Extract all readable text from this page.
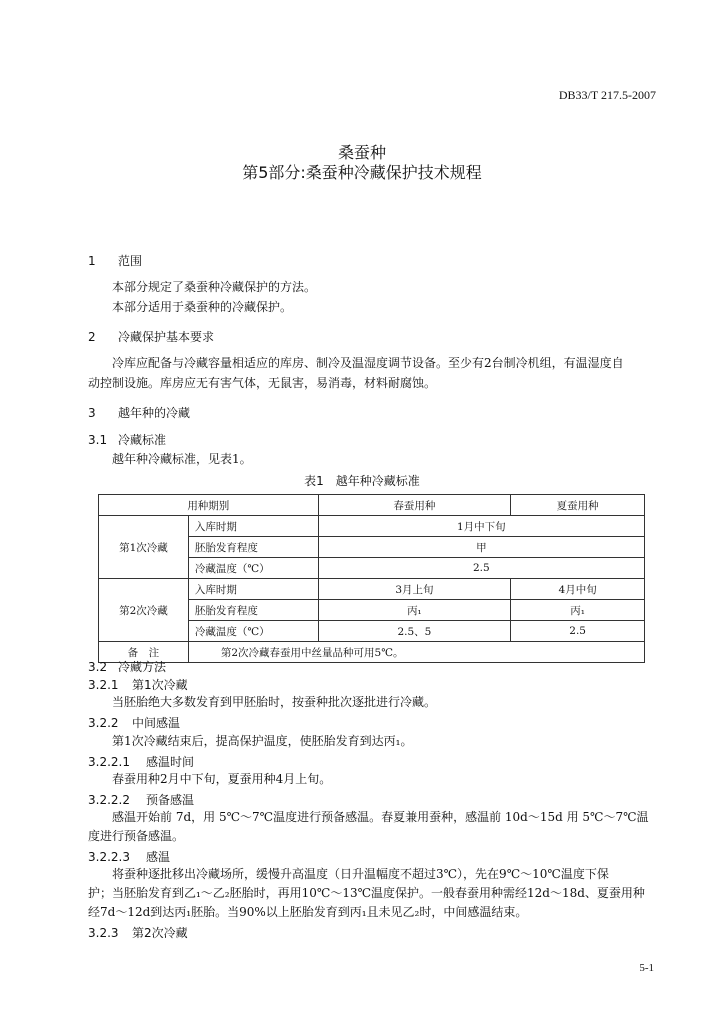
DB33/T 217.5-2007
桑蚕种
第5部分:桑蚕种冷藏保护技术规程
1 范围
本部分规定了桑蚕种冷藏保护的方法。
本部分适用于桑蚕种的冷藏保护。
2 冷藏保护基本要求
冷库应配备与冷藏容量相适应的库房、制冷及温湿度调节设备。至少有2台制冷机组，有温湿度自
动控制设施。库房应无有害气体，无鼠害，易消毒，材料耐腐蚀。
3 越年种的冷藏
3.1 冷藏标准
越年种冷藏标准，见表1。
表1　越年种冷藏标准
用种期别		春蚕用种	夏蚕用种
第1次冷藏	入库时期	1月中下旬	
	胚胎发育程度	甲	
	冷藏温度（℃）	2.5	
第2次冷藏	入库时期	3月上旬	4月中旬
	胚胎发育程度	丙₁	丙₁
	冷藏温度（℃）	2.5、5	2.5
备　注	第2次冷藏春蚕用中丝量品种可用5℃。		
3.2 冷藏方法
3.2.1 第1次冷藏
当胚胎绝大多数发育到甲胚胎时，按蚕种批次逐批进行冷藏。
3.2.2 中间感温
第1次冷藏结束后，提高保护温度，使胚胎发育到达丙₁。
3.2.2.1 感温时间
春蚕用种2月中下旬，夏蚕用种4月上旬。
3.2.2.2 预备感温
感温开始前 7d，用 5℃～7℃温度进行预备感温。春夏兼用蚕种，感温前 10d～15d 用 5℃～7℃温
度进行预备感温。
3.2.2.3 感温
将蚕种逐批移出冷藏场所，缓慢升高温度（日升温幅度不超过3℃），先在9℃～10℃温度下保
护；当胚胎发育到乙₁～乙₂胚胎时，再用10℃～13℃温度保护。一般春蚕用种需经12d～18d、夏蚕用种
经7d～12d到达丙₁胚胎。当90%以上胚胎发育到丙₁且未见乙₂时，中间感温结束。
3.2.3 第2次冷藏
5-1
